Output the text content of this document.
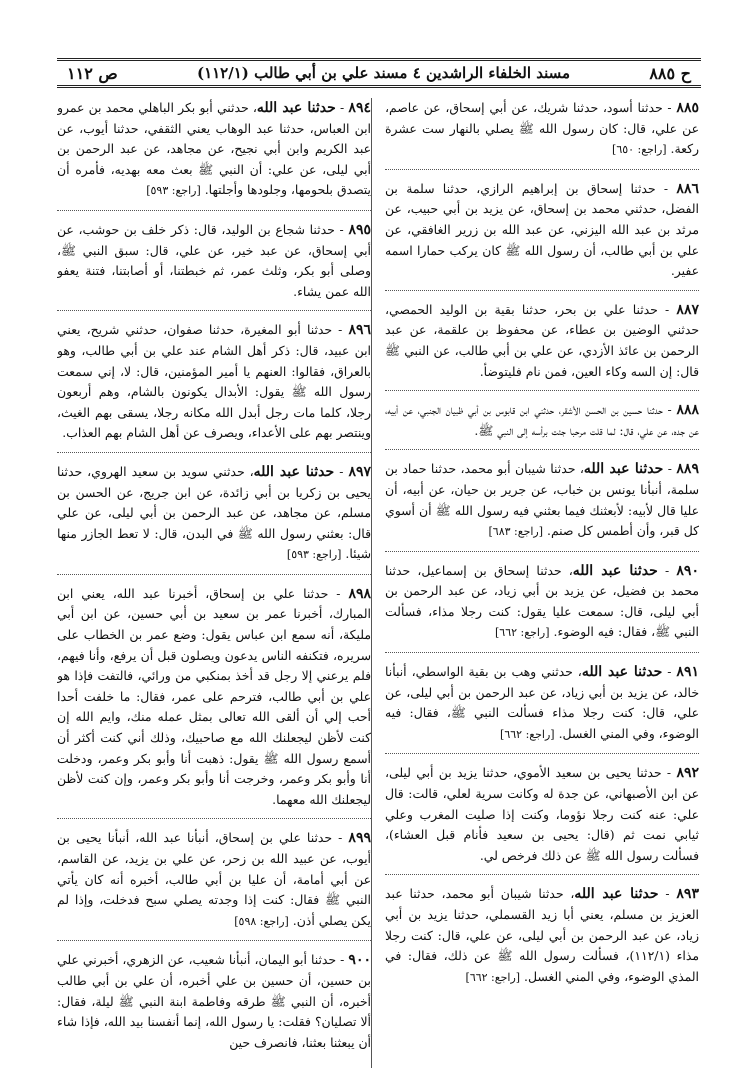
ح ٨٨٥
مسند الخلفاء الراشدين ٤ مسند علي بن أبي طالب (١١٢/١)
ص ١١٢
٨٨٥ - حدثنا أسود، حدثنا شريك، عن أبي إسحاق، عن عاصم، عن علي، قال: كان رسول الله ﷺ يصلي بالنهار ست عشرة ركعة. [راجع: ٦٥٠]
٨٨٦ - حدثنا إسحاق بن إبراهيم الرازي، حدثنا سلمة بن الفضل، حدثني محمد بن إسحاق، عن يزيد بن أبي حبيب، عن مرثد بن عبد الله اليزني، عن عبد الله بن زرير الغافقي، عن علي بن أبي طالب، أن رسول الله ﷺ كان يركب حمارا اسمه عفير.
٨٨٧ - حدثنا علي بن بحر، حدثنا بقية بن الوليد الحمصي، حدثني الوضين بن عطاء، عن محفوظ بن علقمة، عن عبد الرحمن بن عائذ الأزدي، عن علي بن أبي طالب، عن النبي ﷺ قال: إن السه وكاء العين، فمن نام فليتوضأ.
٨٨٨ - حدثنا حسين بن الحسن الأشقر، حدثني ابن قابوس بن أبي ظبيان الجنبي، عن أبيه، عن جده، عن علي، قال: لما قلت مرحبا جئت برأسه إلى النبي ﷺ.
٨٨٩ - حدثنا عبد الله، حدثنا شيبان أبو محمد، حدثنا حماد بن سلمة، أنبأنا يونس بن خباب، عن جرير بن حيان، عن أبيه، أن عليا قال لأبيه: لأبعثنك فيما بعثني فيه رسول الله ﷺ أن أسوي كل قبر، وأن أطمس كل صنم. [راجع: ٦٨٣]
٨٩٠ - حدثنا عبد الله، حدثنا إسحاق بن إسماعيل، حدثنا محمد بن فضيل، عن يزيد بن أبي زياد، عن عبد الرحمن بن أبي ليلى، قال: سمعت عليا يقول: كنت رجلا مذاء، فسألت النبي ﷺ، فقال: فيه الوضوء. [راجع: ٦٦٢]
٨٩١ - حدثنا عبد الله، حدثني وهب بن بقية الواسطي، أنبأنا خالد، عن يزيد بن أبي زياد، عن عبد الرحمن بن أبي ليلى، عن علي، قال: كنت رجلا مذاء فسألت النبي ﷺ، فقال: فيه الوضوء، وفي المني الغسل. [راجع: ٦٦٢]
٨٩٢ - حدثنا يحيى بن سعيد الأموي، حدثنا يزيد بن أبي ليلى، عن ابن الأصبهاني، عن جدة له وكانت سرية لعلي، قالت: قال علي: عنه كنت رجلا نؤوما، وكنت إذا صليت المغرب وعلي ثيابي نمت ثم (قال: يحيى بن سعيد فأنام قبل العشاء)، فسألت رسول الله ﷺ عن ذلك فرخص لي.
٨٩٣ - حدثنا عبد الله، حدثنا شيبان أبو محمد، حدثنا عبد العزيز بن مسلم، يعني أبا زيد القسملي، حدثنا يزيد بن أبي زياد، عن عبد الرحمن بن أبي ليلى، عن علي، قال: كنت رجلا مذاء (١١٢/١)، فسألت رسول الله ﷺ عن ذلك، فقال: في المذي الوضوء، وفي المني الغسل. [راجع: ٦٦٢]
٨٩٤ - حدثنا عبد الله، حدثني أبو بكر الباهلي محمد بن عمرو ابن العباس، حدثنا عبد الوهاب يعني الثقفي، حدثنا أيوب، عن عبد الكريم وابن أبي نجيح، عن مجاهد، عن عبد الرحمن بن أبي ليلى، عن علي: أن النبي ﷺ بعث معه بهديه، فأمره أن يتصدق بلحومها، وجلودها وأجلتها. [راجع: ٥٩٣]
٨٩٥ - حدثنا شجاع بن الوليد، قال: ذكر خلف بن حوشب، عن أبي إسحاق، عن عبد خير، عن علي، قال: سبق النبي ﷺ، وصلى أبو بكر، وثلث عمر، ثم خبطتنا، أو أصابتنا، فتنة يعفو الله عمن يشاء.
٨٩٦ - حدثنا أبو المغيرة، حدثنا صفوان، حدثني شريح، يعني ابن عبيد، قال: ذكر أهل الشام عند علي بن أبي طالب، وهو بالعراق، فقالوا: العنهم يا أمير المؤمنين، قال: لا، إني سمعت رسول الله ﷺ يقول: الأبدال يكونون بالشام، وهم أربعون رجلا، كلما مات رجل أبدل الله مكانه رجلا، يسقى بهم الغيث، وينتصر بهم على الأعداء، ويصرف عن أهل الشام بهم العذاب.
٨٩٧ - حدثنا عبد الله، حدثني سويد بن سعيد الهروي، حدثنا يحيى بن زكريا بن أبي زائدة، عن ابن جريج، عن الحسن بن مسلم، عن مجاهد، عن عبد الرحمن بن أبي ليلى، عن علي قال: بعثني رسول الله ﷺ في البدن، قال: لا تعط الجازر منها شيئا. [راجع: ٥٩٣]
٨٩٨ - حدثنا علي بن إسحاق، أخبرنا عبد الله، يعني ابن المبارك، أخبرنا عمر بن سعيد بن أبي حسين، عن ابن أبي مليكة، أنه سمع ابن عباس يقول: وضع عمر بن الخطاب على سريره، فتكنفه الناس يدعون ويصلون قبل أن يرفع، وأنا فيهم، فلم يرعني إلا رجل قد أخذ بمنكبي من ورائي، فالتفت فإذا هو علي بن أبي طالب، فترحم على عمر، فقال: ما خلفت أحدا أحب إلي أن ألقى الله تعالى بمثل عمله منك، وايم الله إن كنت لأظن ليجعلنك الله مع صاحبيك، وذلك أني كنت أكثر أن أسمع رسول الله ﷺ يقول: ذهبت أنا وأبو بكر وعمر، ودخلت أنا وأبو بكر وعمر، وخرجت أنا وأبو بكر وعمر، وإن كنت لأظن ليجعلنك الله معهما.
٨٩٩ - حدثنا علي بن إسحاق، أنبأنا عبد الله، أنبأنا يحيى بن أيوب، عن عبيد الله بن زحر، عن علي بن يزيد، عن القاسم، عن أبي أمامة، أن عليا بن أبي طالب، أخبره أنه كان يأتي النبي ﷺ فقال: كنت إذا وجدته يصلي سبح فدخلت، وإذا لم يكن يصلي أذن. [راجع: ٥٩٨]
٩٠٠ - حدثنا أبو اليمان، أنبأنا شعيب، عن الزهري، أخبرني علي بن حسين، أن حسين بن علي أخبره، أن علي بن أبي طالب أخبره، أن النبي ﷺ طرقه وفاطمة ابنة النبي ﷺ ليلة، فقال: ألا تصليان؟ فقلت: يا رسول الله، إنما أنفسنا بيد الله، فإذا شاء أن يبعثنا بعثنا، فانصرف حين
